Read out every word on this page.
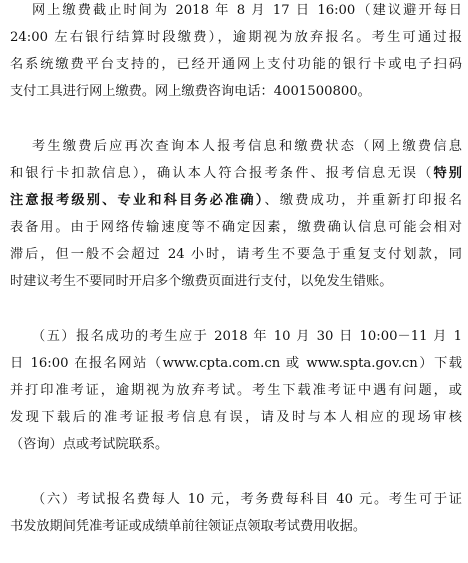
网上缴费截止时间为 2018 年 8 月 17 日 16:00（建议避开每日
24:00 左右银行结算时段缴费），逾期视为放弃报名。考生可通过报
名系统缴费平台支持的，已经开通网上支付功能的银行卡或电子扫码
支付工具进行网上缴费。网上缴费咨询电话：4001500800。
考生缴费后应再次查询本人报考信息和缴费状态（网上缴费信息
和银行卡扣款信息），确认本人符合报考条件、报考信息无误（特别
注意报考级别、专业和科目务必准确）、缴费成功，并重新打印报名
表备用。由于网络传输速度等不确定因素，缴费确认信息可能会相对
滞后，但一般不会超过 24 小时，请考生不要急于重复支付划款，同
时建议考生不要同时开启多个缴费页面进行支付，以免发生错账。
（五）报名成功的考生应于 2018 年 10 月 30 日 10:00－11 月 1
日 16:00 在报名网站（www.cpta.com.cn 或 www.spta.gov.cn）下载
并打印准考证，逾期视为放弃考试。考生下载准考证中遇有问题，或
发现下载后的准考证报考信息有误，请及时与本人相应的现场审核
（咨询）点或考试院联系。
（六）考试报名费每人 10 元，考务费每科目 40 元。考生可于证
书发放期间凭准考证或成绩单前往领证点领取考试费用收据。
